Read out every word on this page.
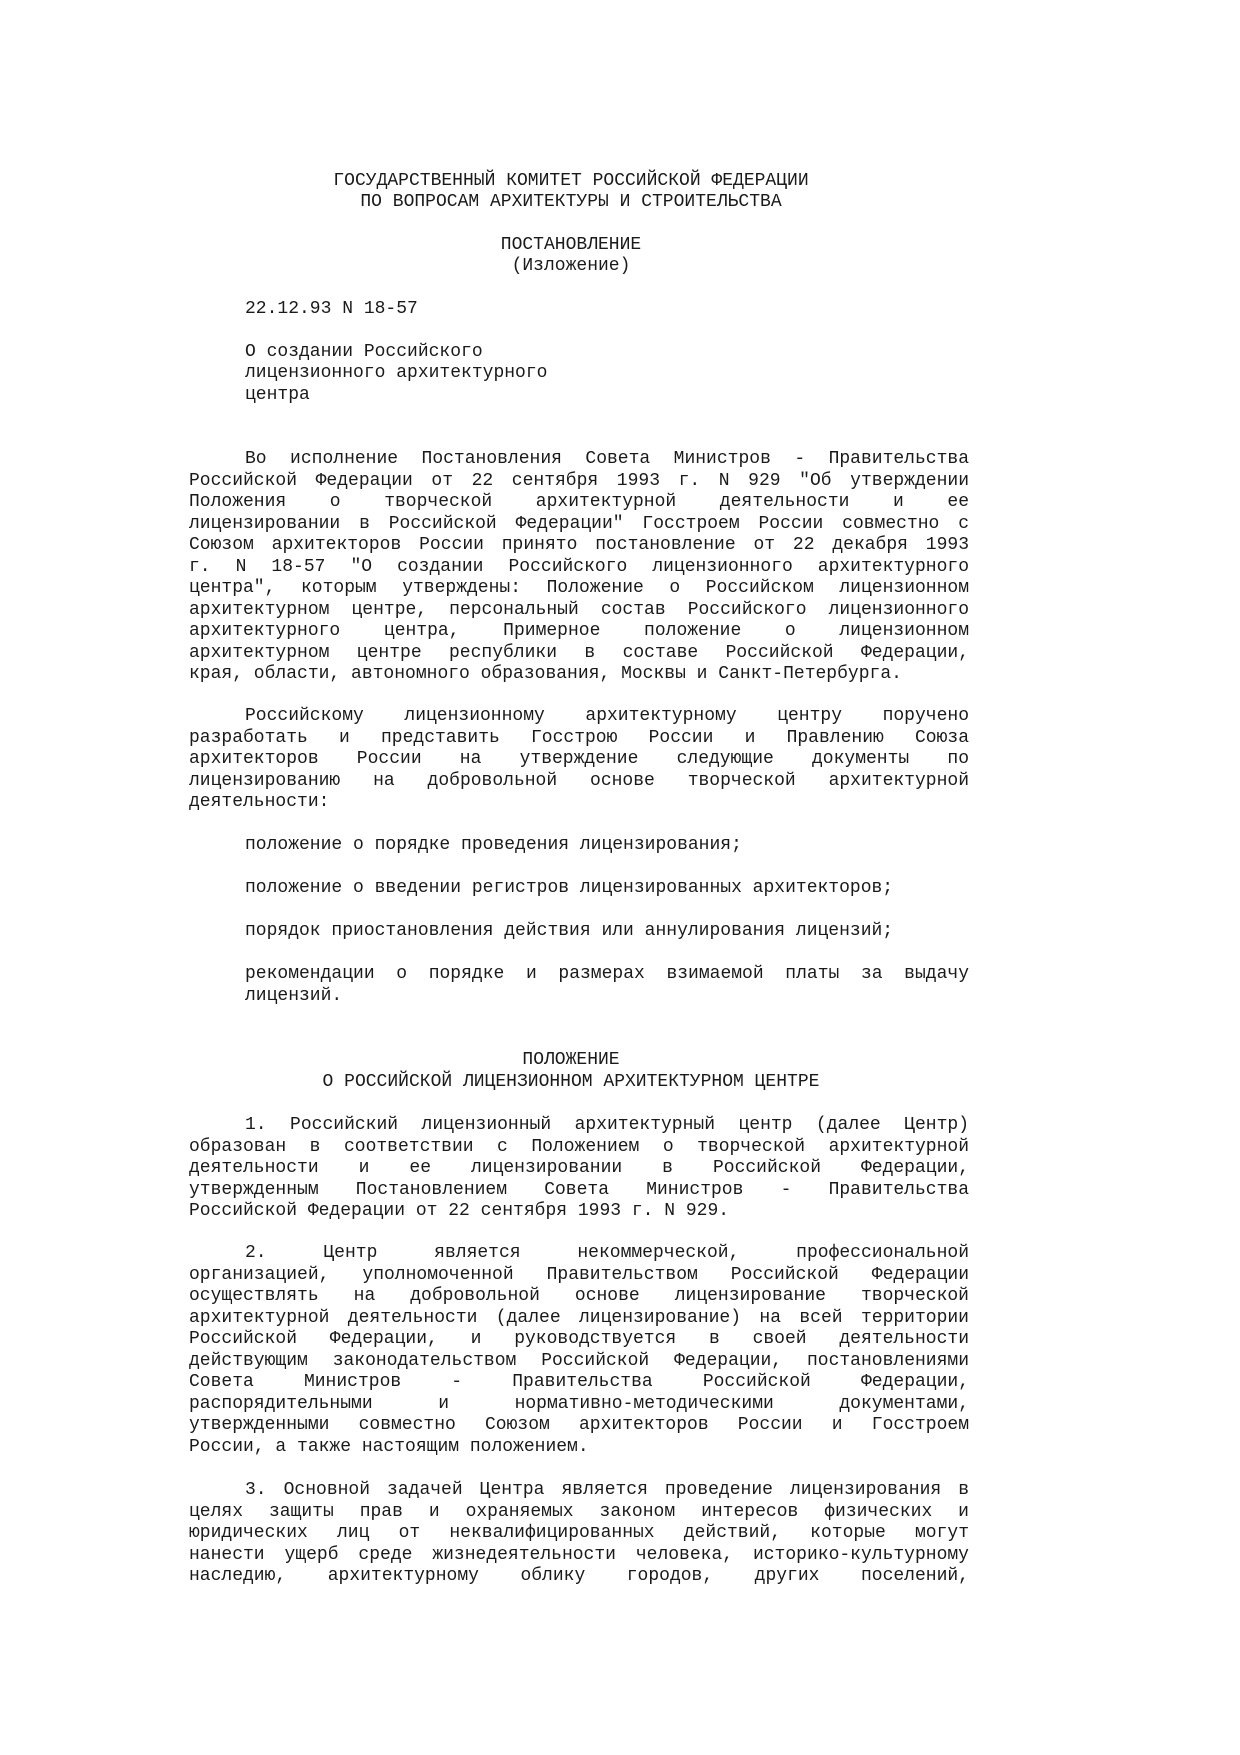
ГОСУДАРСТВЕННЫЙ КОМИТЕТ РОССИЙСКОЙ ФЕДЕРАЦИИ
ПО ВОПРОСАМ АРХИТЕКТУРЫ И СТРОИТЕЛЬСТВА
ПОСТАНОВЛЕНИЕ
(Изложение)
22.12.93 N 18-57
О создании Российского
лицензионного архитектурного
центра
Во исполнение Постановления Совета Министров - Правительства
Российской Федерации от 22 сентября 1993 г. N 929 "Об утверждении
Положения о творческой архитектурной деятельности и ее
лицензировании в Российской Федерации" Госстроем России совместно с
Союзом архитекторов России принято постановление от 22 декабря 1993
г. N 18-57 "О создании Российского лицензионного архитектурного
центра", которым утверждены: Положение о Российском лицензионном
архитектурном центре, персональный состав Российского лицензионного
архитектурного центра, Примерное положение о лицензионном
архитектурном центре республики в составе Российской Федерации,
края, области, автономного образования, Москвы и Санкт-Петербурга.
Российскому лицензионному архитектурному центру поручено
разработать и представить Госстрою России и Правлению Союза
архитекторов России на утверждение следующие документы по
лицензированию на добровольной основе творческой архитектурной
деятельности:
положение о порядке проведения лицензирования;
положение о введении регистров лицензированных архитекторов;
порядок приостановления действия или аннулирования лицензий;
рекомендации о порядке и размерах взимаемой платы за выдачу
лицензий.
ПОЛОЖЕНИЕ
О РОССИЙСКОЙ ЛИЦЕНЗИОННОМ АРХИТЕКТУРНОМ ЦЕНТРЕ
1. Российский лицензионный архитектурный центр (далее Центр)
образован в соответствии с Положением о творческой архитектурной
деятельности и ее лицензировании в Российской Федерации,
утвержденным Постановлением Совета Министров - Правительства
Российской Федерации от 22 сентября 1993 г. N 929.
2. Центр является некоммерческой, профессиональной
организацией, уполномоченной Правительством Российской Федерации
осуществлять на добровольной основе лицензирование творческой
архитектурной деятельности (далее лицензирование) на всей территории
Российской Федерации, и руководствуется в своей деятельности
действующим законодательством Российской Федерации, постановлениями
Совета Министров - Правительства Российской Федерации,
распорядительными и нормативно-методическими документами,
утвержденными совместно Союзом архитекторов России и Госстроем
России, а также настоящим положением.
3. Основной задачей Центра является проведение лицензирования в
целях защиты прав и охраняемых законом интересов физических и
юридических лиц от неквалифицированных действий, которые могут
нанести ущерб среде жизнедеятельности человека, историко-культурному
наследию, архитектурному облику городов, других поселений,
